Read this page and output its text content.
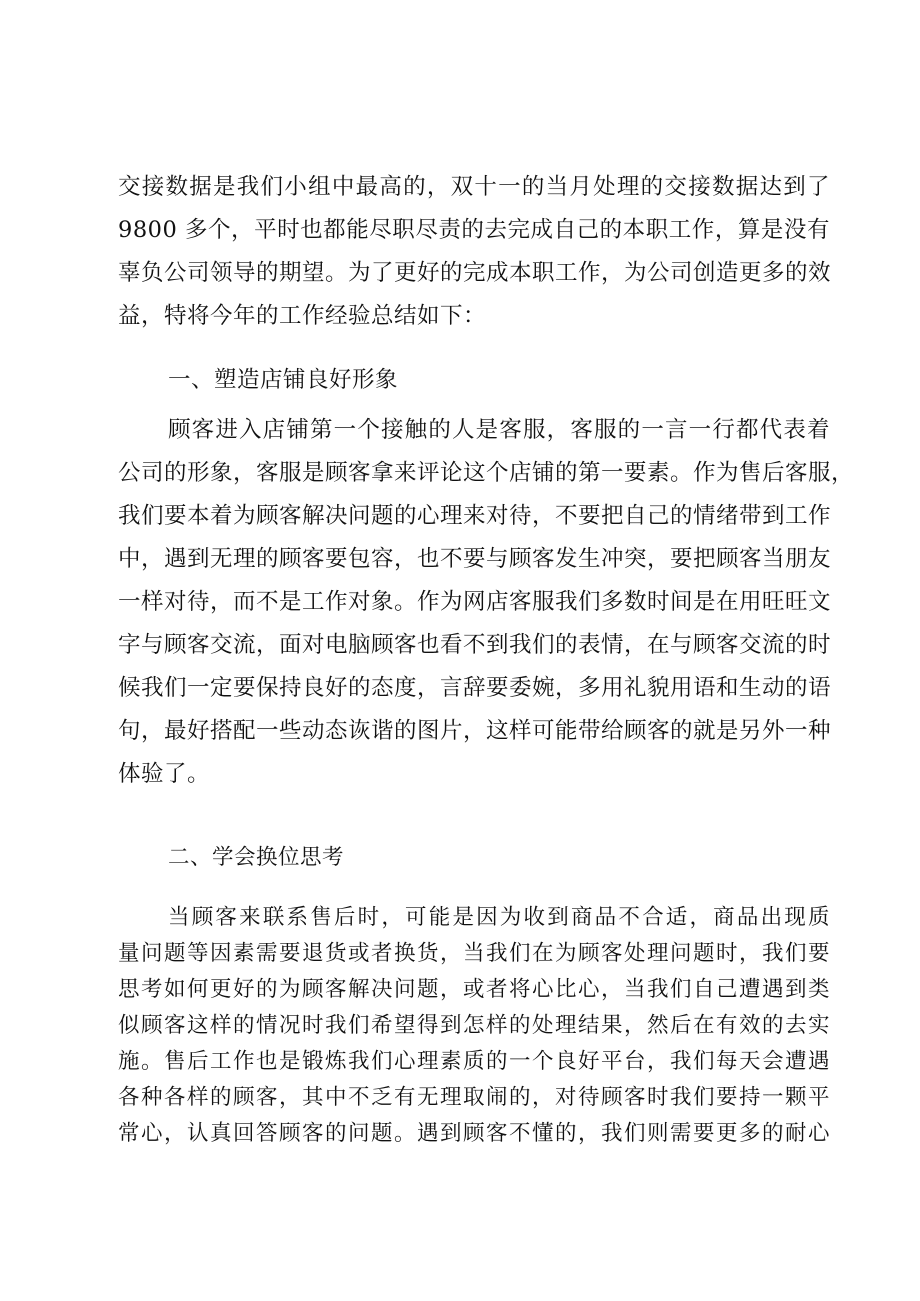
交接数据是我们小组中最高的，双十一的当月处理的交接数据达到了

9800 多个，平时也都能尽职尽责的去完成自己的本职工作，算是没有

辜负公司领导的期望。为了更好的完成本职工作，为公司创造更多的效

益，特将今年的工作经验总结如下：

一、塑造店铺良好形象

顾客进入店铺第一个接触的人是客服，客服的一言一行都代表着

公司的形象，客服是顾客拿来评论这个店铺的第一要素。作为售后客服，

我们要本着为顾客解决问题的心理来对待，不要把自己的情绪带到工作

中，遇到无理的顾客要包容，也不要与顾客发生冲突，要把顾客当朋友

一样对待，而不是工作对象。作为网店客服我们多数时间是在用旺旺文

字与顾客交流，面对电脑顾客也看不到我们的表情，在与顾客交流的时

候我们一定要保持良好的态度，言辞要委婉，多用礼貌用语和生动的语

句，最好搭配一些动态诙谐的图片，这样可能带给顾客的就是另外一种

体验了。

二、学会换位思考

当顾客来联系售后时，可能是因为收到商品不合适，商品出现质

量问题等因素需要退货或者换货，当我们在为顾客处理问题时，我们要

思考如何更好的为顾客解决问题，或者将心比心，当我们自己遭遇到类

似顾客这样的情况时我们希望得到怎样的处理结果，然后在有效的去实

施。售后工作也是锻炼我们心理素质的一个良好平台，我们每天会遭遇

各种各样的顾客，其中不乏有无理取闹的，对待顾客时我们要持一颗平

常心，认真回答顾客的问题。遇到顾客不懂的，我们则需要更多的耐心
